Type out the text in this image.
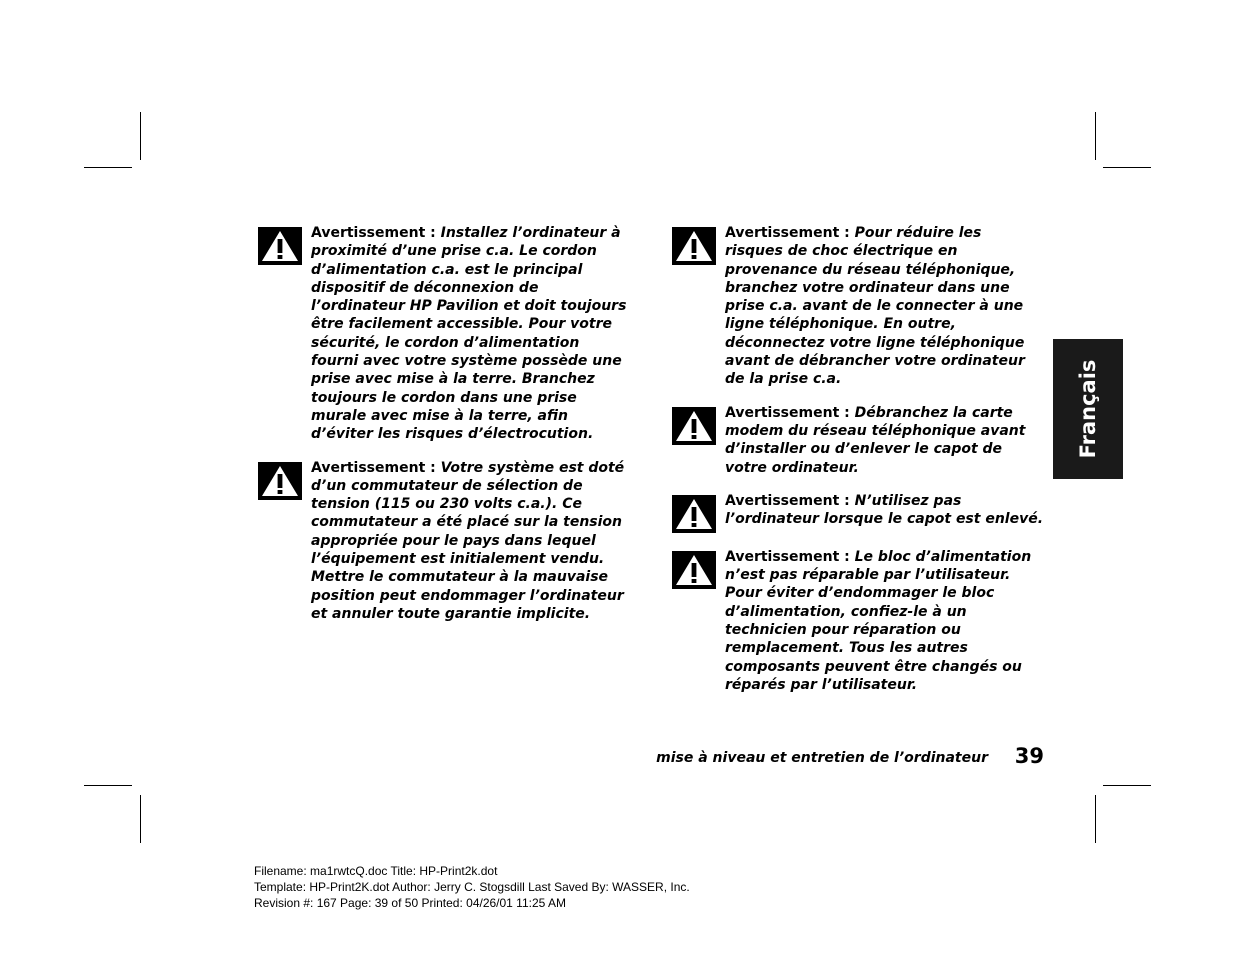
Avertissement : Installez l’ordinateur à proximité d’une prise c.a. Le cordon d’alimentation c.a. est le principal dispositif de déconnexion de l’ordinateur HP Pavilion et doit toujours être facilement accessible. Pour votre sécurité, le cordon d’alimentation fourni avec votre système possède une prise avec mise à la terre. Branchez toujours le cordon dans une prise murale avec mise à la terre, afin d’éviter les risques d’électrocution.

Avertissement : Votre système est doté d’un commutateur de sélection de tension (115 ou 230 volts c.a.). Ce commutateur a été placé sur la tension appropriée pour le pays dans lequel l’équipement est initialement vendu. Mettre le commutateur à la mauvaise position peut endommager l’ordinateur et annuler toute garantie implicite.

Avertissement : Pour réduire les risques de choc électrique en provenance du réseau téléphonique, branchez votre ordinateur dans une prise c.a. avant de le connecter à une ligne téléphonique. En outre, déconnectez votre ligne téléphonique avant de débrancher votre ordinateur de la prise c.a.

Avertissement : Débranchez la carte modem du réseau téléphonique avant d’installer ou d’enlever le capot de votre ordinateur.

Avertissement : N’utilisez pas l’ordinateur lorsque le capot est enlevé.

Avertissement : Le bloc d’alimentation n’est pas réparable par l’utilisateur. Pour éviter d’endommager le bloc d’alimentation, confiez-le à un technicien pour réparation ou remplacement. Tous les autres composants peuvent être changés ou réparés par l’utilisateur.

Français
mise à niveau et entretien de l’ordinateur	39
Filename: ma1rwtcQ.doc Title: HP-Print2k.dot
Template: HP-Print2K.dot Author: Jerry C. Stogsdill Last Saved By: WASSER, Inc.
Revision #: 167 Page: 39 of 50 Printed: 04/26/01 11:25 AM
